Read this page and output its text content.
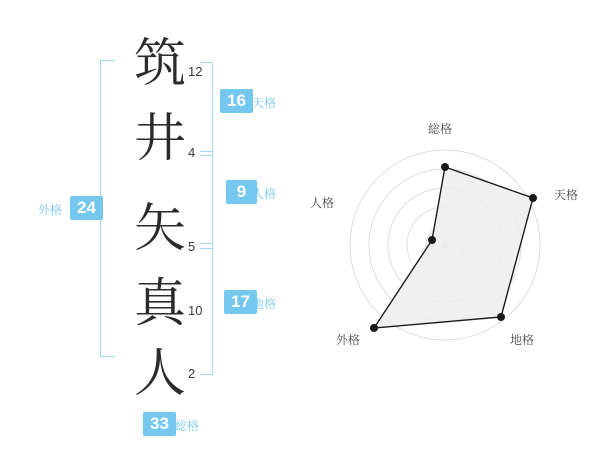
24
外格
筑
井
矢
真
人
12
4
5
10
2
16 天格
9 人格
17 地格
33 総格
総格
天格
地格
外格
人格
